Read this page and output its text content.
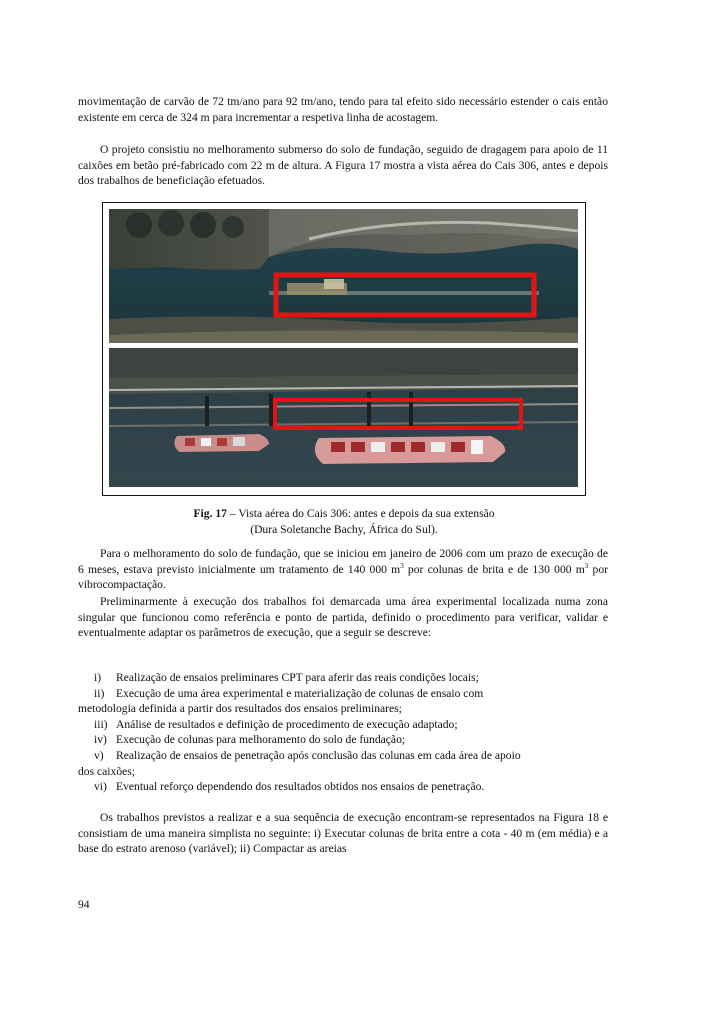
movimentação de carvão de 72 tm/ano para 92 tm/ano, tendo para tal efeito sido necessário estender o cais então existente em cerca de 324 m para incrementar a respetiva linha de acostagem.

O projeto consistiu no melhoramento submerso do solo de fundação, seguido de dragagem para apoio de 11 caixões em betão pré-fabricado com 22 m de altura. A Figura 17 mostra a vista aérea do Cais 306, antes e depois dos trabalhos de beneficiação efetuados.

Fig. 17 – Vista aérea do Cais 306: antes e depois da sua extensão
(Dura Soletanche Bachy, África do Sul).

Para o melhoramento do solo de fundação, que se iniciou em janeiro de 2006 com um prazo de execução de 6 meses, estava previsto inicialmente um tratamento de 140 000 $m^3$ por colunas de brita e de 130 000 $m^3$ por vibrocompactação.

Preliminarmente à execução dos trabalhos foi demarcada uma área experimental localizada numa zona singular que funcionou como referência e ponto de partida, definido o procedimento para verificar, validar e eventualmente adaptar os parâmetros de execução, que a seguir se descreve:

i)	Realização de ensaios preliminares CPT para aferir das reais condições locais;
ii)	Execução de uma área experimental e materialização de colunas de ensaio com
metodologia definida a partir dos resultados dos ensaios preliminares;
iii) Análise de resultados e definição de procedimento de execução adaptado;
iv) Execução de colunas para melhoramento do solo de fundação;
v)	Realização de ensaios de penetração após conclusão das colunas em cada área de apoio
dos caixões;
vi) Eventual reforço dependendo dos resultados obtidos nos ensaios de penetração.

Os trabalhos previstos a realizar e a sua sequência de execução encontram-se representados na Figura 18 e consistiam de uma maneira simplista no seguinte: i) Executar colunas de brita entre a cota - 40 m (em média) e a base do estrato arenoso (variável); ii) Compactar as areias

94
